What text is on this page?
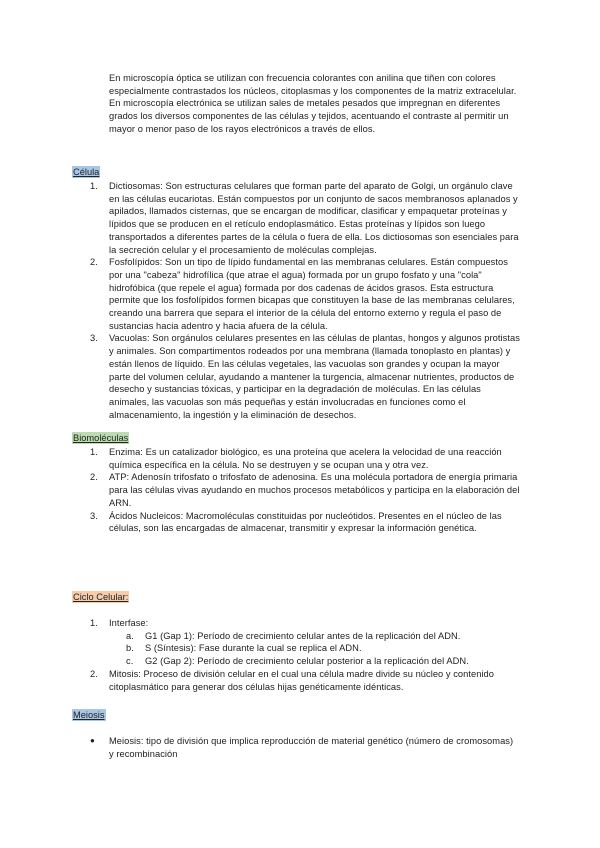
En microscopía óptica se utilizan con frecuencia colorantes con anilina que tiñen con colores especialmente contrastados los núcleos, citoplasmas y los componentes de la matriz extracelular.

En microscopía electrónica se utilizan sales de metales pesados que impregnan en diferentes grados los diversos componentes de las células y tejidos, acentuando el contraste al permitir un mayor o menor paso de los rayos electrónicos a través de ellos.

Célula
1. Dictiosomas: Son estructuras celulares que forman parte del aparato de Golgi, un orgánulo clave en las células eucariotas. Están compuestos por un conjunto de sacos membranosos aplanados y apilados, llamados cisternas, que se encargan de modificar, clasificar y empaquetar proteínas y lípidos que se producen en el retículo endoplasmático. Estas proteínas y lípidos son luego transportados a diferentes partes de la célula o fuera de ella. Los dictiosomas son esenciales para la secreción celular y el procesamiento de moléculas complejas.
2. Fosfolípidos: Son un tipo de lípido fundamental en las membranas celulares. Están compuestos por una "cabeza" hidrofílica (que atrae el agua) formada por un grupo fosfato y una "cola" hidrofóbica (que repele el agua) formada por dos cadenas de ácidos grasos. Esta estructura permite que los fosfolípidos formen bicapas que constituyen la base de las membranas celulares, creando una barrera que separa el interior de la célula del entorno externo y regula el paso de sustancias hacia adentro y hacia afuera de la célula.
3. Vacuolas: Son orgánulos celulares presentes en las células de plantas, hongos y algunos protistas y animales. Son compartimentos rodeados por una membrana (llamada tonoplasto en plantas) y están llenos de líquido. En las células vegetales, las vacuolas son grandes y ocupan la mayor parte del volumen celular, ayudando a mantener la turgencia, almacenar nutrientes, productos de desecho y sustancias tóxicas, y participar en la degradación de moléculas. En las células animales, las vacuolas son más pequeñas y están involucradas en funciones como el almacenamiento, la ingestión y la eliminación de desechos.
Biomoléculas
1. Enzima: Es un catalizador biológico, es una proteína que acelera la velocidad de una reacción química específica en la célula. No se destruyen y se ocupan una y otra vez.
2. ATP: Adenosín trifosfato o trifosfato de adenosina. Es una molécula portadora de energía primaria para las células vivas ayudando en muchos procesos metabólicos y participa en la elaboración del ARN.
3. Ácidos Nucleicos: Macromoléculas constituidas por nucleótidos. Presentes en el núcleo de las células, son las encargadas de almacenar, transmitir y expresar la información genética.
Ciclo Celular:
1. Interfase:
a. G1 (Gap 1): Período de crecimiento celular antes de la replicación del ADN.
b. S (Síntesis): Fase durante la cual se replica el ADN.
c. G2 (Gap 2): Período de crecimiento celular posterior a la replicación del ADN.
2. Mitosis: Proceso de división celular en el cual una célula madre divide su núcleo y contenido citoplasmático para generar dos células hijas genéticamente idénticas.
Meiosis
● Meiosis: tipo de división que implica reproducción de material genético (número de cromosomas) y recombinación
